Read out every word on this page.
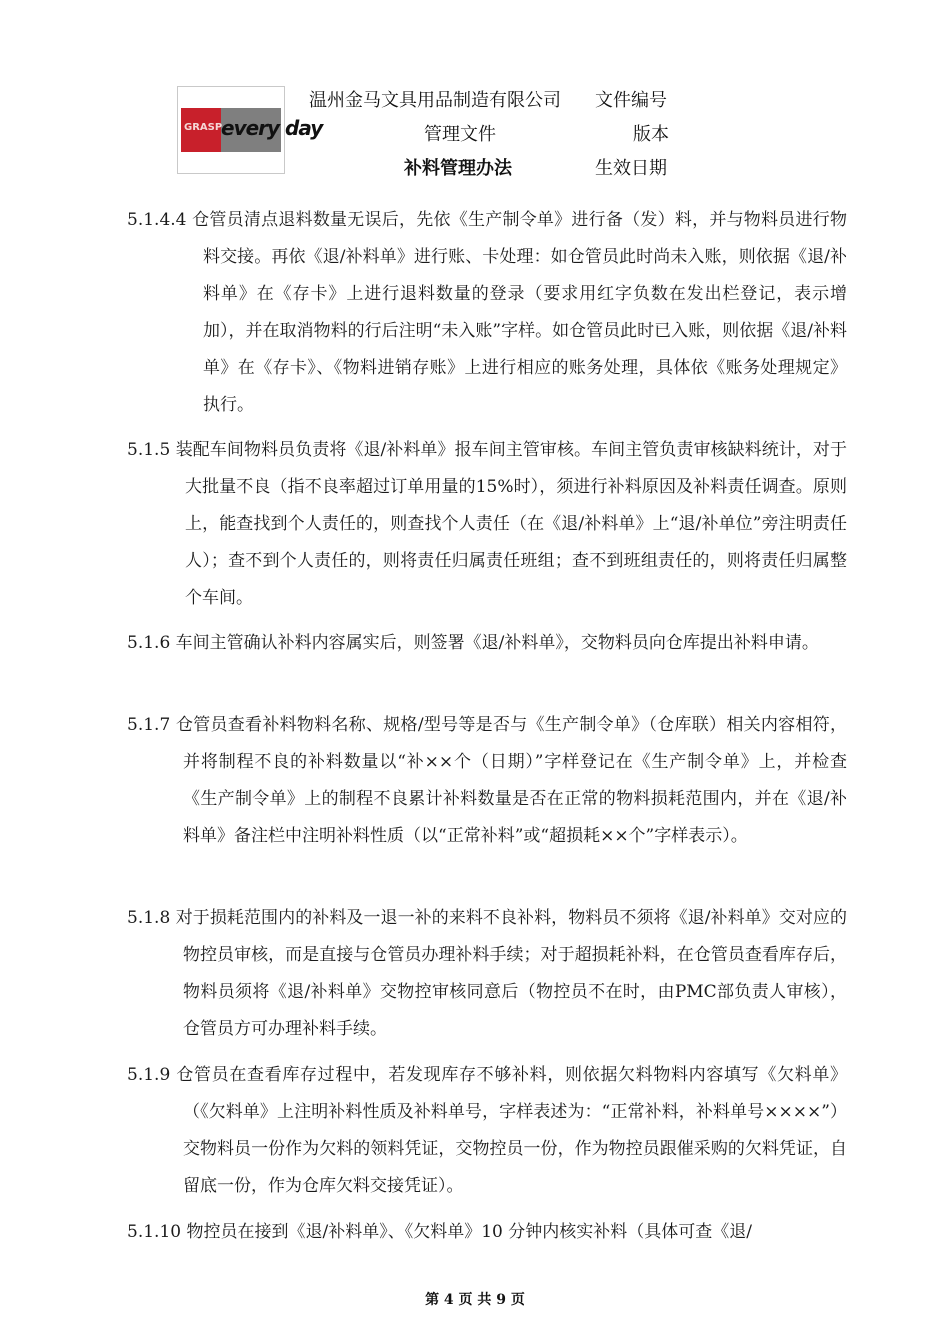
GRASP
every day
温州金马文具用品制造有限公司 文件编号
管理文件	版本
补料管理办法	生效日期

5.1.4.4 仓管员清点退料数量无误后，先依《生产制令单》进行备（发）料，并与物料员进行物料交接。再依《退/补料单》进行账、卡处理：如仓管员此时尚未入账，则依据《退/补料单》在《存卡》上进行退料数量的登录（要求用红字负数在发出栏登记，表示增加），并在取消物料的行后注明“未入账”字样。如仓管员此时已入账，则依据《退/补料单》在《存卡》、《物料进销存账》上进行相应的账务处理，具体依《账务处理规定》执行。

5.1.5 装配车间物料员负责将《退/补料单》报车间主管审核。车间主管负责审核缺料统计，对于大批量不良（指不良率超过订单用量的15%时），须进行补料原因及补料责任调查。原则上，能查找到个人责任的，则查找个人责任（在《退/补料单》上“退/补单位”旁注明责任人）；查不到个人责任的，则将责任归属责任班组；查不到班组责任的，则将责任归属整个车间。

5.1.6 车间主管确认补料内容属实后，则签署《退/补料单》，交物料员向仓库提出补料申请。

5.1.7 仓管员查看补料物料名称、规格/型号等是否与《生产制令单》（仓库联）相关内容相符，并将制程不良的补料数量以“补××个（日期）”字样登记在《生产制令单》上，并检查《生产制令单》上的制程不良累计补料数量是否在正常的物料损耗范围内，并在《退/补料单》备注栏中注明补料性质（以“正常补料”或“超损耗××个”字样表示）。

5.1.8 对于损耗范围内的补料及一退一补的来料不良补料，物料员不须将《退/补料单》交对应的物控员审核，而是直接与仓管员办理补料手续；对于超损耗补料，在仓管员查看库存后，物料员须将《退/补料单》交物控审核同意后（物控员不在时，由PMC部负责人审核），仓管员方可办理补料手续。

5.1.9 仓管员在查看库存过程中，若发现库存不够补料，则依据欠料物料内容填写《欠料单》（《欠料单》上注明补料性质及补料单号，字样表述为：“正常补料，补料单号××××”）交物料员一份作为欠料的领料凭证，交物控员一份，作为物控员跟催采购的欠料凭证，自留底一份，作为仓库欠料交接凭证）。

5.1.10 物控员在接到《退/补料单》、《欠料单》10 分钟内核实补料（具体可查《退/

第 4 页 共 9 页
